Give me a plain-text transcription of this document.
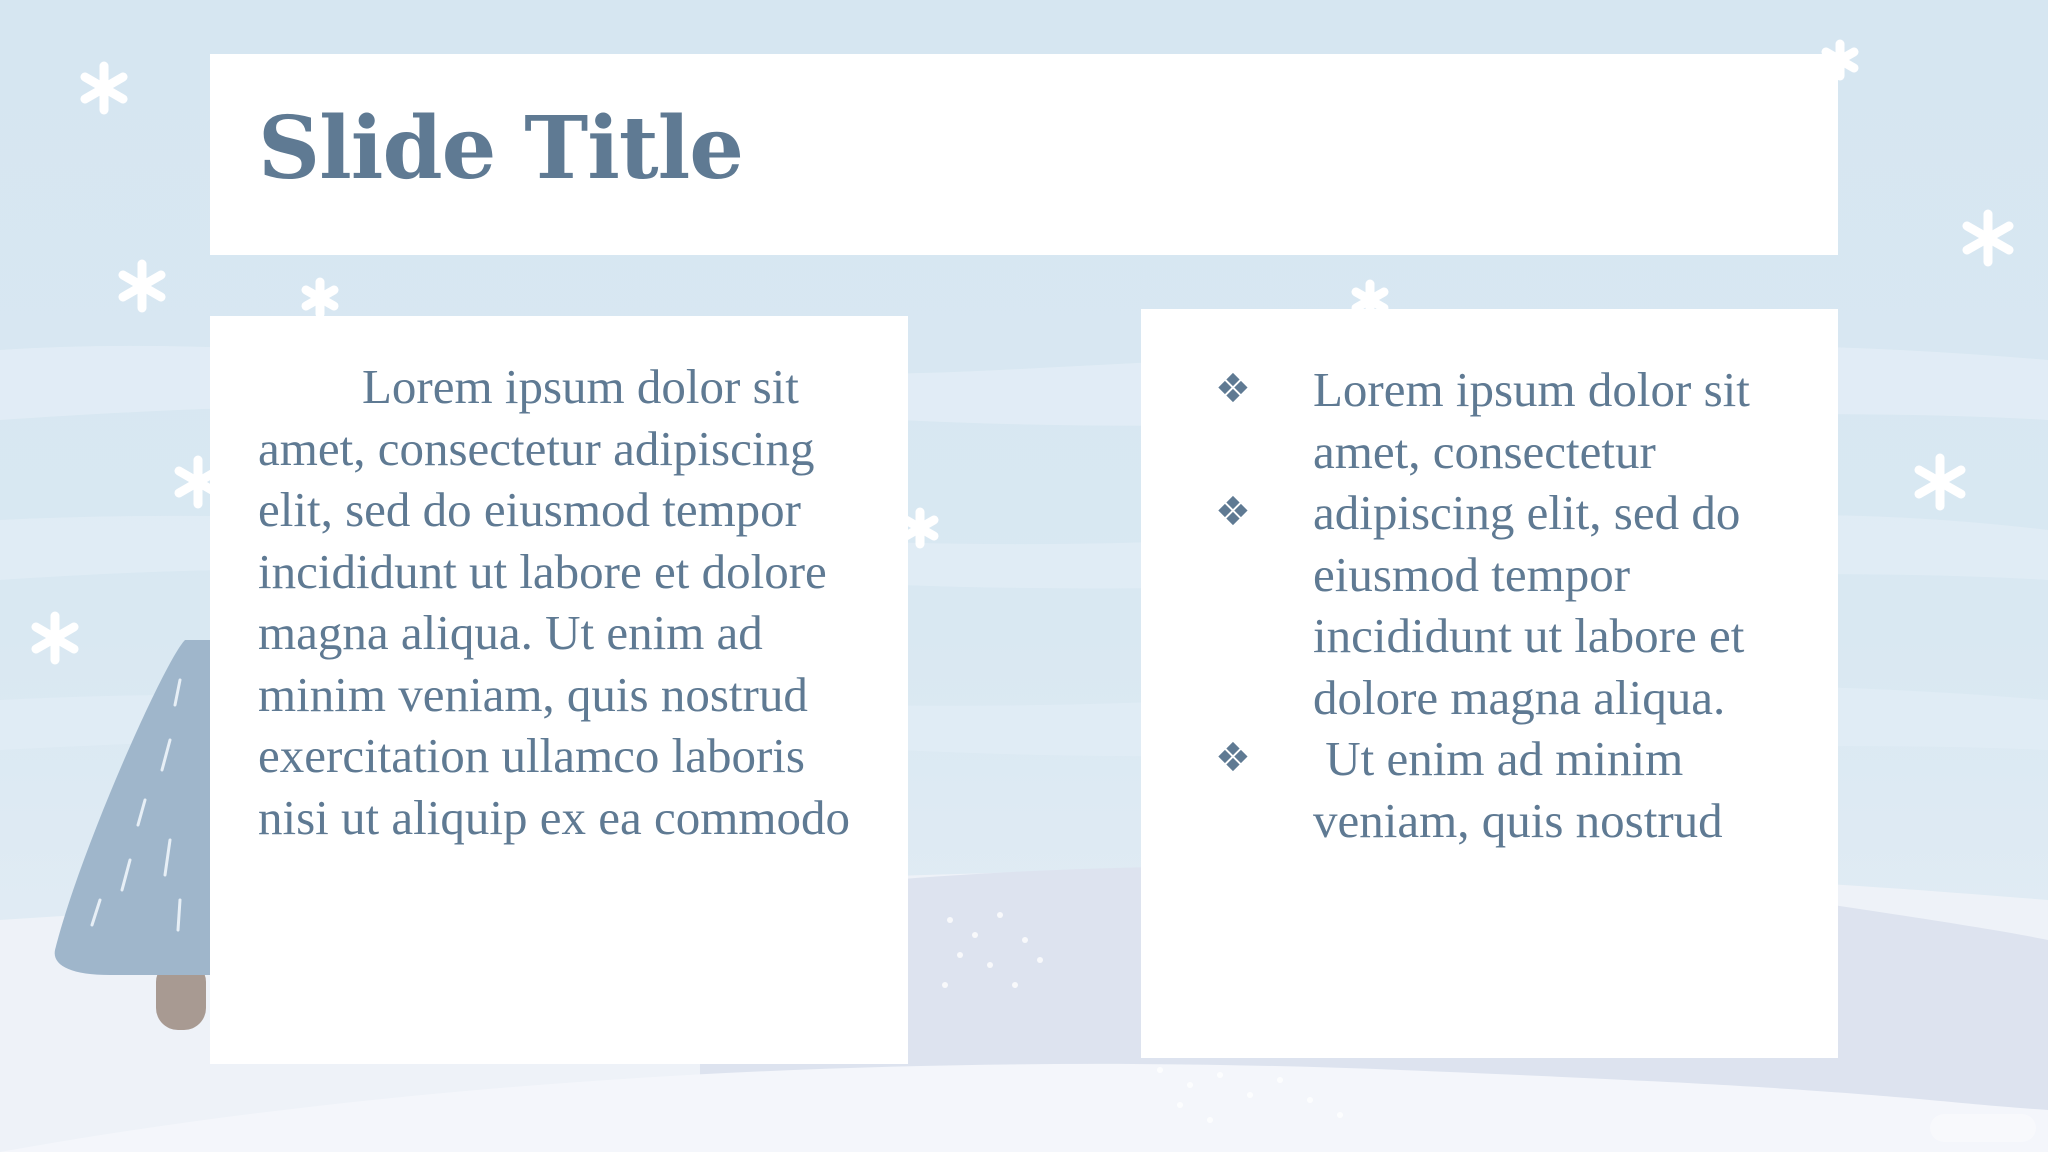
Slide Title

Lorem ipsum dolor sit amet, consectetur adipiscing elit, sed do eiusmod tempor incididunt ut labore et dolore magna aliqua. Ut enim ad minim veniam, quis nostrud exercitation ullamco laboris nisi ut aliquip ex ea commodo

❖	Lorem ipsum dolor sit amet, consectetur
❖	adipiscing elit, sed do eiusmod tempor incididunt ut labore et dolore magna aliqua.
❖	Ut enim ad minim veniam, quis nostrud
